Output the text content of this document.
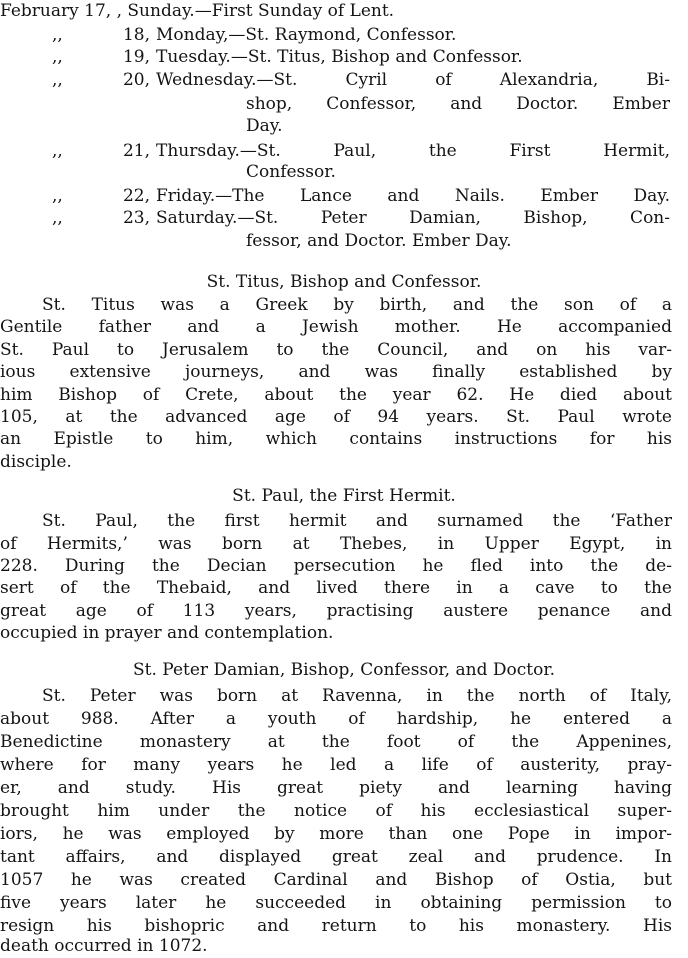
February 17, , Sunday.—First Sunday of Lent.
,,	18, Monday,—St. Raymond, Confessor.
,,	19, Tuesday.—St. Titus, Bishop and Confessor.
,,	20, Wednesday.—St. Cyril of Alexandria, Bi-
shop, Confessor, and Doctor. Ember
Day.
,,	21, Thursday.—St. Paul, the First Hermit,
Confessor.
,,	22, Friday.—The Lance and Nails. Ember Day.
,,	23, Saturday.—St. Peter Damian, Bishop, Con-
fessor, and Doctor. Ember Day.
St. Titus, Bishop and Confessor.
St. Titus was a Greek by birth, and the son of a
Gentile father and a Jewish mother. He accompanied
St. Paul to Jerusalem to the Council, and on his var-
ious extensive journeys, and was finally established by
him Bishop of Crete, about the year 62. He died about
105, at the advanced age of 94 years. St. Paul wrote
an Epistle to him, which contains instructions for his
disciple.
St. Paul, the First Hermit.
St. Paul, the first hermit and surnamed the ‘Father
of Hermits,’ was born at Thebes, in Upper Egypt, in
228. During the Decian persecution he fled into the de-
sert of the Thebaid, and lived there in a cave to the
great age of 113 years, practising austere penance and
occupied in prayer and contemplation.
St. Peter Damian, Bishop, Confessor, and Doctor.
St. Peter was born at Ravenna, in the north of Italy,
about 988. After a youth of hardship, he entered a
Benedictine monastery at the foot of the Appenines,
where for many years he led a life of austerity, pray-
er, and study. His great piety and learning having
brought him under the notice of his ecclesiastical super-
iors, he was employed by more than one Pope in impor-
tant affairs, and displayed great zeal and prudence. In
1057 he was created Cardinal and Bishop of Ostia, but
five years later he succeeded in obtaining permission to
resign his bishopric and return to his monastery. His
death occurred in 1072.
